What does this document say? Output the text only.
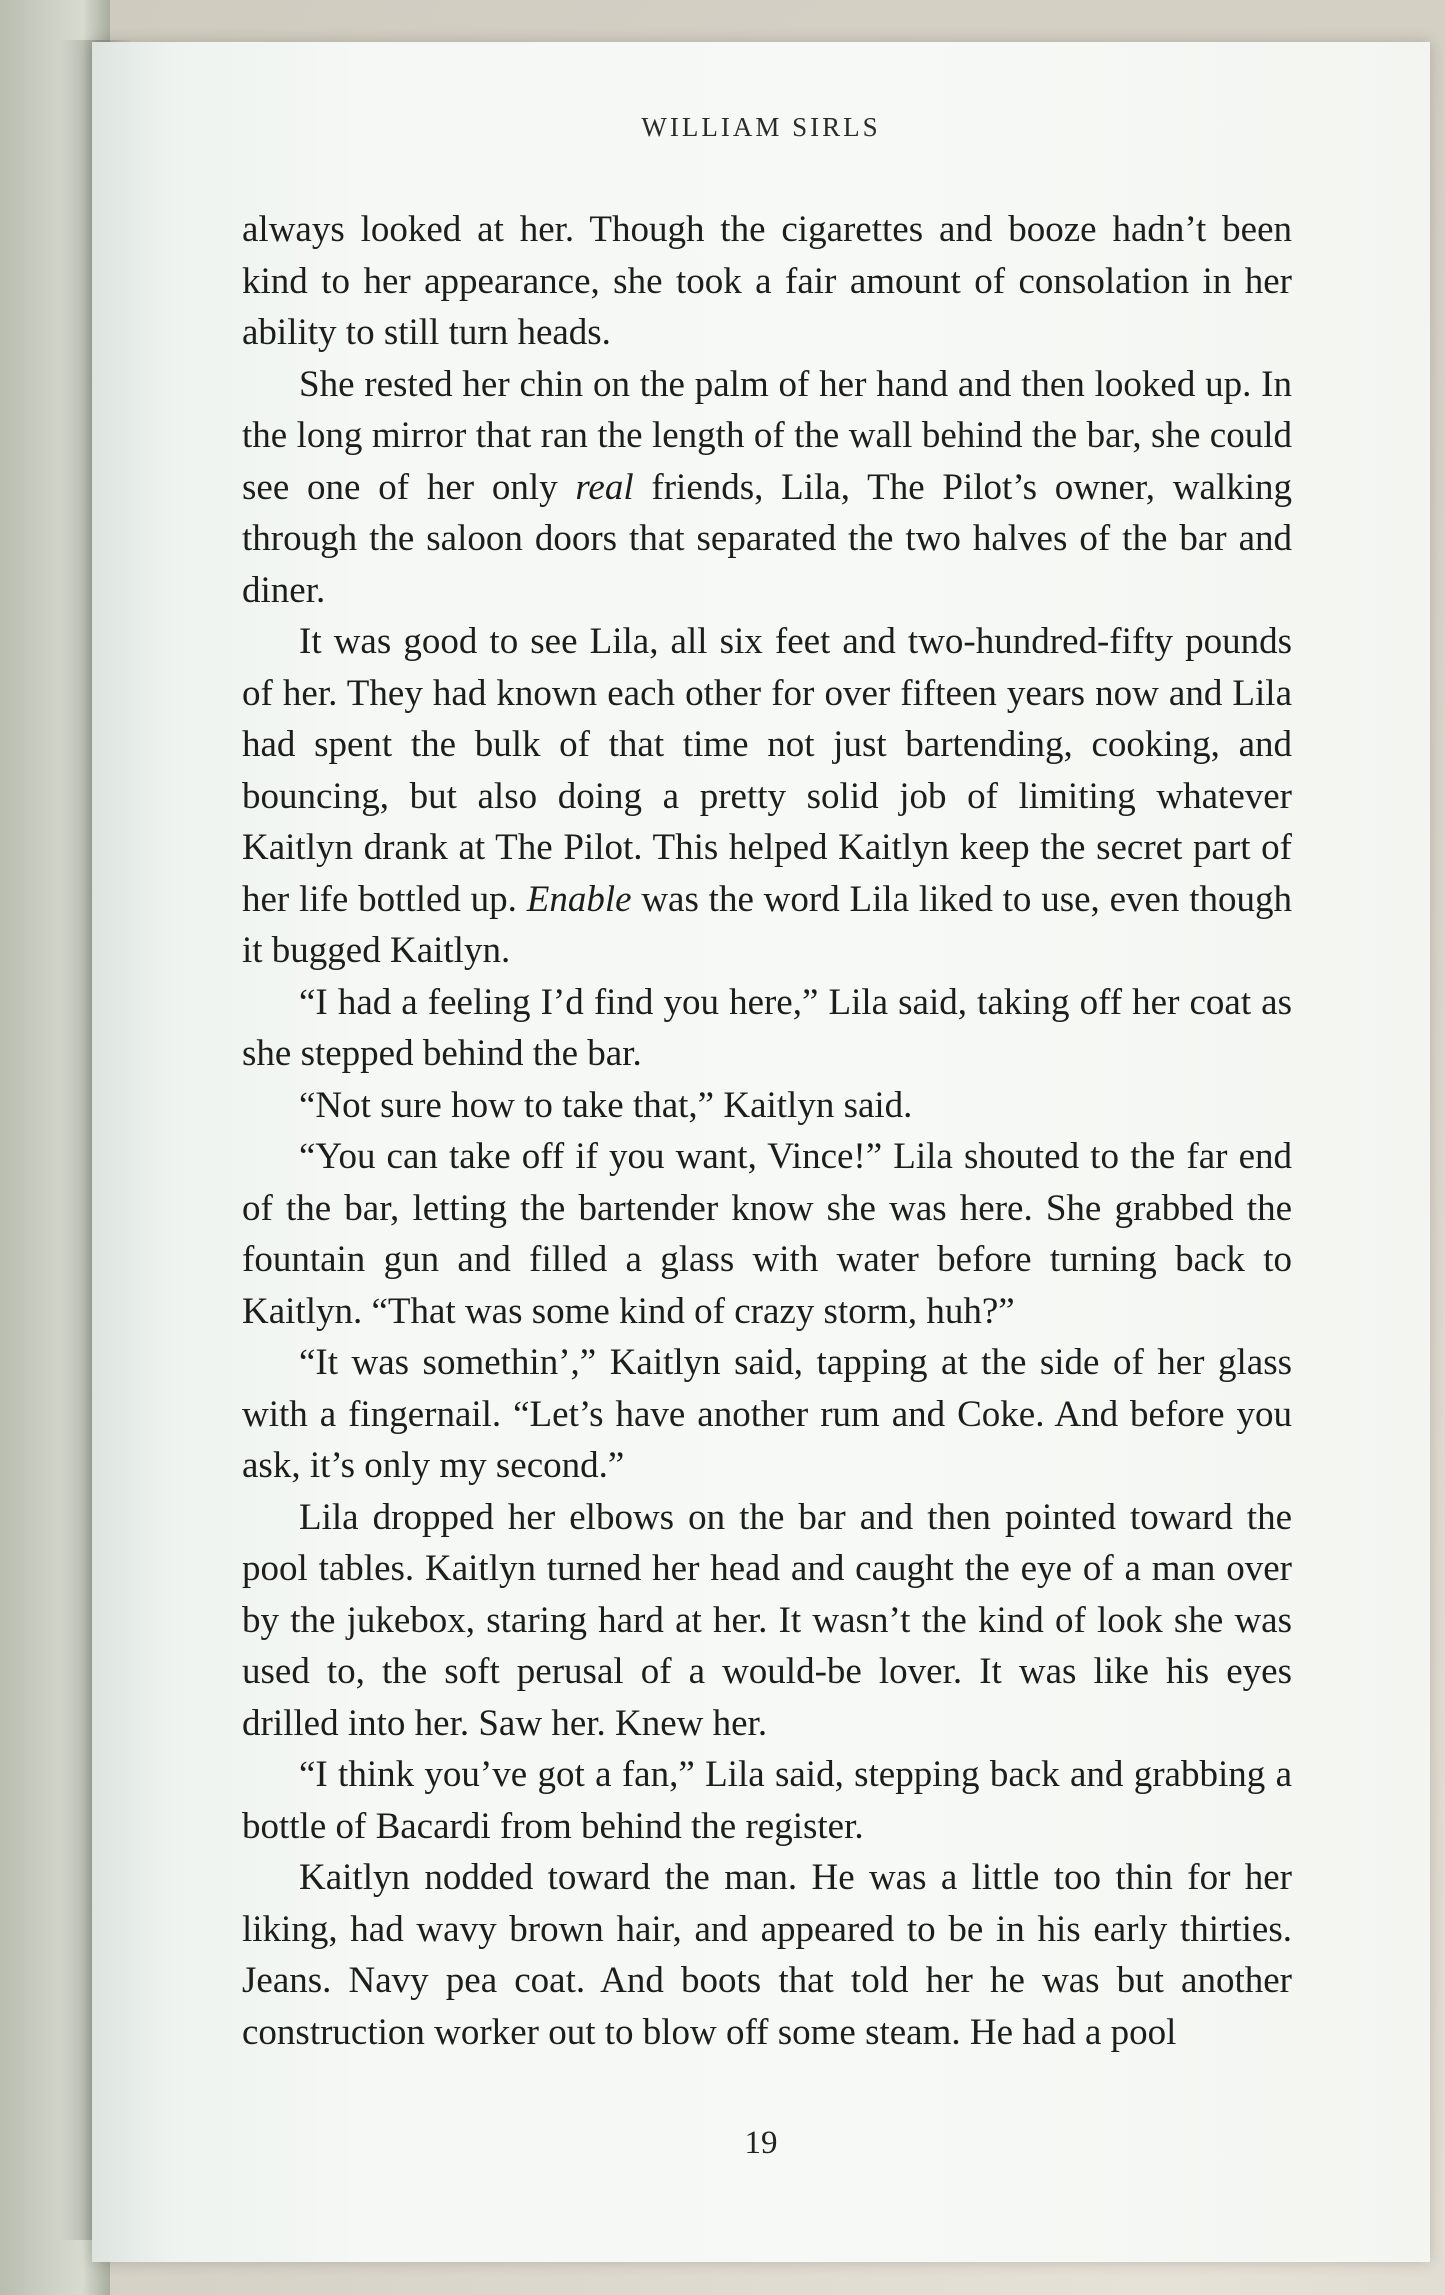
WILLIAM SIRLS

always looked at her. Though the cigarettes and booze hadn’t been kind to her appearance, she took a fair amount of consolation in her ability to still turn heads.

She rested her chin on the palm of her hand and then looked up. In the long mirror that ran the length of the wall behind the bar, she could see one of her only real friends, Lila, The Pilot’s owner, walking through the saloon doors that separated the two halves of the bar and diner.

It was good to see Lila, all six feet and two-hundred-fifty pounds of her. They had known each other for over fifteen years now and Lila had spent the bulk of that time not just bartending, cooking, and bouncing, but also doing a pretty solid job of limiting whatever Kaitlyn drank at The Pilot. This helped Kaitlyn keep the secret part of her life bottled up. Enable was the word Lila liked to use, even though it bugged Kaitlyn.

“I had a feeling I’d find you here,” Lila said, taking off her coat as she stepped behind the bar.

“Not sure how to take that,” Kaitlyn said.

“You can take off if you want, Vince!” Lila shouted to the far end of the bar, letting the bartender know she was here. She grabbed the fountain gun and filled a glass with water before turning back to Kaitlyn. “That was some kind of crazy storm, huh?”

“It was somethin’,” Kaitlyn said, tapping at the side of her glass with a fingernail. “Let’s have another rum and Coke. And before you ask, it’s only my second.”

Lila dropped her elbows on the bar and then pointed toward the pool tables. Kaitlyn turned her head and caught the eye of a man over by the jukebox, staring hard at her. It wasn’t the kind of look she was used to, the soft perusal of a would-be lover. It was like his eyes drilled into her. Saw her. Knew her.

“I think you’ve got a fan,” Lila said, stepping back and grabbing a bottle of Bacardi from behind the register.

Kaitlyn nodded toward the man. He was a little too thin for her liking, had wavy brown hair, and appeared to be in his early thirties. Jeans. Navy pea coat. And boots that told her he was but another construction worker out to blow off some steam. He had a pool

19
